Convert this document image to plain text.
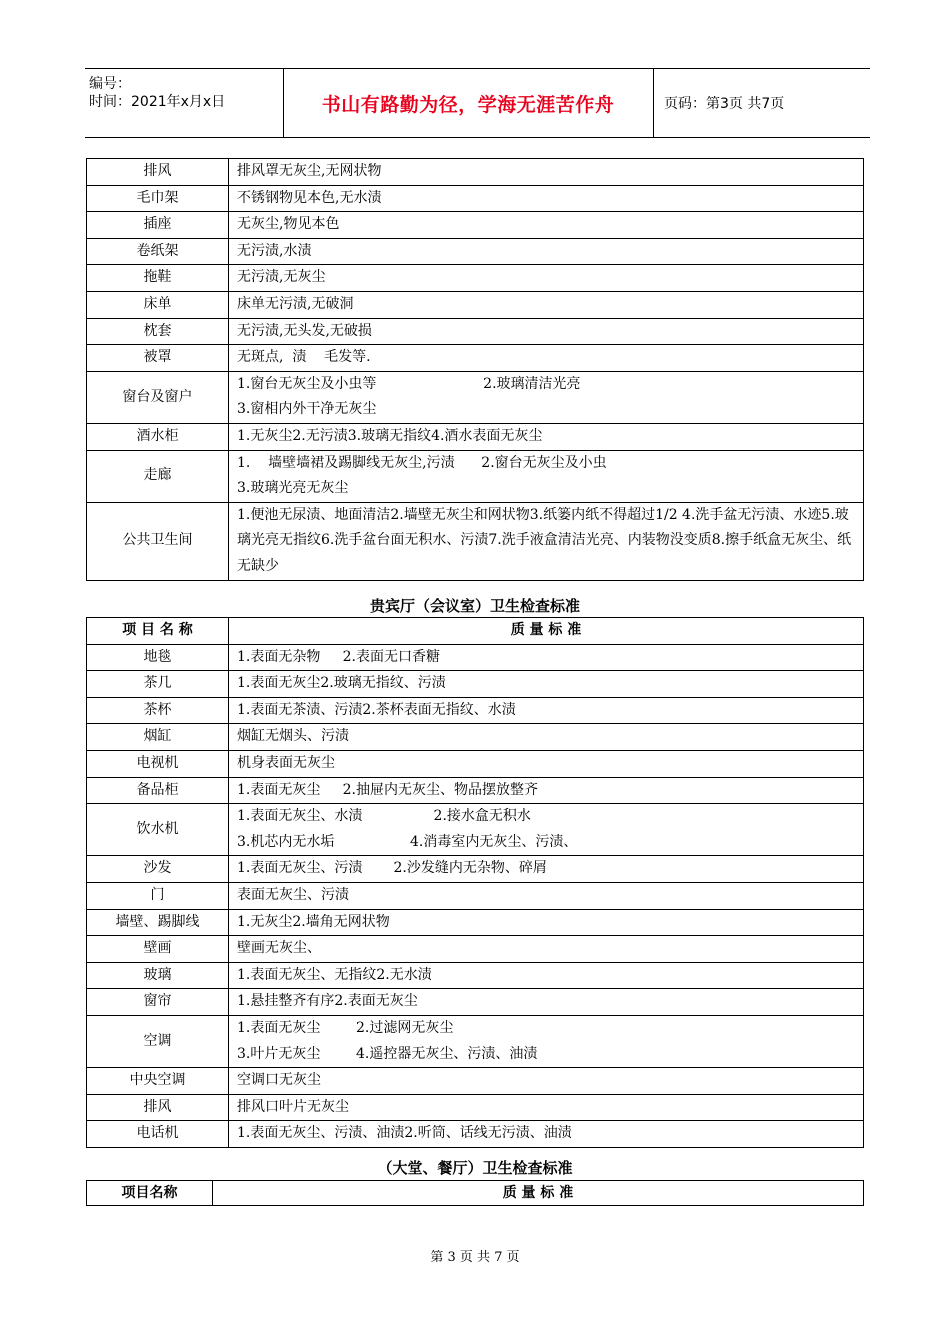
编号：
时间：2021年x月x日	书山有路勤为径，学海无涯苦作舟	页码：第3页 共7页
排风	排风罩无灰尘,无网状物

毛巾架	不锈钢物见本色,无水渍

插座	无灰尘,物见本色

卷纸架	无污渍,水渍

拖鞋	无污渍,无灰尘

床单	床单无污渍,无破洞

枕套	无污渍,无头发,无破损

被罩	无斑点,  渍    毛发等.

窗台及窗户	1.窗台无灰尘及小虫等                        2.玻璃清洁光亮
3.窗相内外干净无灰尘

酒水柜	1.无灰尘2.无污渍3.玻璃无指纹4.酒水表面无灰尘

走廊	1.    墙壁墙裙及踢脚线无灰尘,污渍      2.窗台无灰尘及小虫
3.玻璃光亮无灰尘

公共卫生间	1.便池无尿渍、地面清洁2.墙壁无灰尘和网状物3.纸篓内纸不得超过1/2 4.洗手盆无污渍、水迹5.玻璃光亮无指纹6.洗手盆台面无积水、污渍7.洗手液盒清洁光亮、内装物没变质8.擦手纸盒无灰尘、纸无缺少
贵宾厅（会议室）卫生检查标准
项 目 名 称	质 量 标 准
地毯	1.表面无杂物     2.表面无口香糖

茶几	1.表面无灰尘2.玻璃无指纹、污渍

茶杯	1.表面无茶渍、污渍2.茶杯表面无指纹、水渍

烟缸	烟缸无烟头、污渍

电视机	机身表面无灰尘

备品柜	1.表面无灰尘     2.抽屉内无灰尘、物品摆放整齐

饮水机	1.表面无灰尘、水渍                2.接水盒无积水
3.机芯内无水垢                 4.消毒室内无灰尘、污渍、

沙发	1.表面无灰尘、污渍       2.沙发缝内无杂物、碎屑

门	表面无灰尘、污渍

墙壁、踢脚线	1.无灰尘2.墙角无网状物

壁画	壁画无灰尘、

玻璃	1.表面无灰尘、无指纹2.无水渍

窗帘	1.悬挂整齐有序2.表面无灰尘

空调	1.表面无灰尘        2.过滤网无灰尘
3.叶片无灰尘        4.遥控器无灰尘、污渍、油渍

中央空调	空调口无灰尘

排风	排风口叶片无灰尘

电话机	1.表面无灰尘、污渍、油渍2.听筒、话线无污渍、油渍
（大堂、餐厅）卫生检查标准
项目名称	质 量 标 准
第 3 页 共 7 页
